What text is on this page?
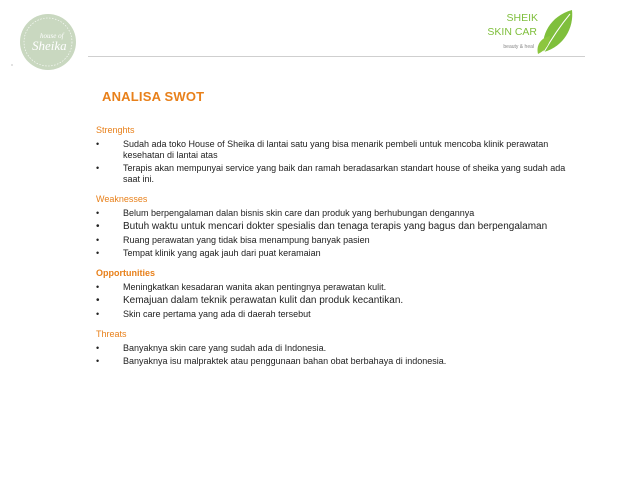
house of
Sheika
SHEIK
SKIN CAR
beauty & heal
ANALISA SWOT
Strenghts
•	Sudah ada toko House of Sheika di lantai satu yang bisa menarik pembeli untuk mencoba klinik perawatan kesehatan di lantai atas
•	Terapis akan mempunyai service yang baik dan ramah beradasarkan standart house of sheika yang sudah ada saat ini.
Weaknesses
•	Belum berpengalaman dalan bisnis skin care dan produk yang berhubungan dengannya
• Butuh waktu untuk mencari dokter spesialis dan tenaga terapis yang bagus dan berpengalaman
•	Ruang perawatan yang tidak bisa menampung banyak pasien
•	Tempat klinik yang agak jauh dari puat keramaian
Opportunities
•	Meningkatkan kesadaran wanita akan pentingnya perawatan kulit.
• Kemajuan dalam teknik perawatan kulit dan produk kecantikan.
•	Skin care pertama yang ada di daerah tersebut
Threats
•	Banyaknya skin care yang sudah ada di Indonesia.
•	Banyaknya isu malpraktek atau penggunaan bahan obat berbahaya di indonesia.
